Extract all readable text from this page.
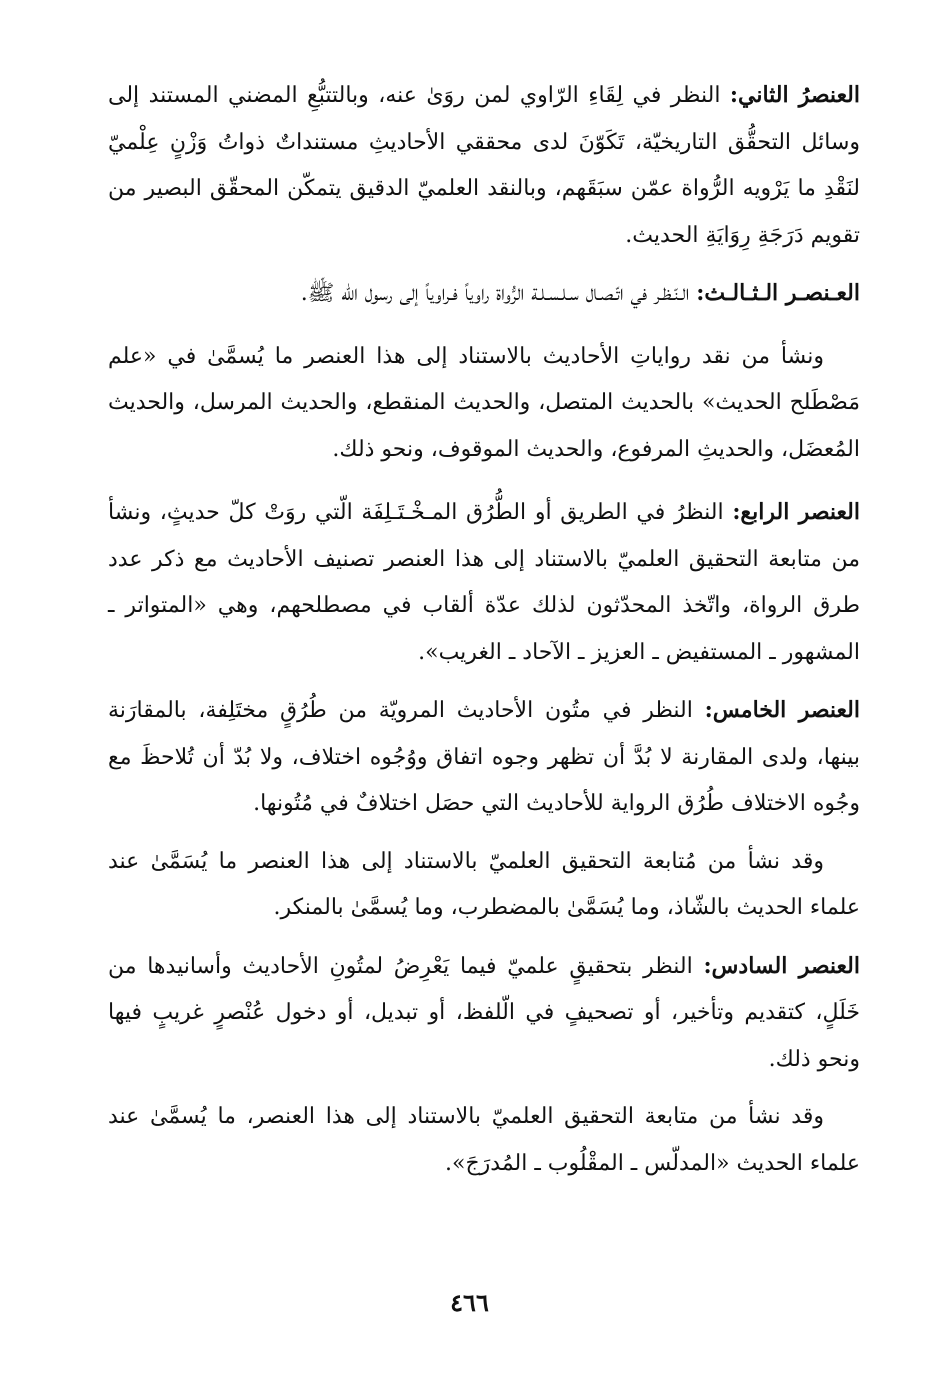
العنصرُ الثاني: النظر في لِقَاءِ الرّاوي لمن روَىٰ عنه، وبالتتبُّعِ المضني المستند إلى وسائل التحقُّق التاريخيّة، تَكَوّنَ لدى محققي الأحاديثِ مستنداتٌ ذواتُ وَزْنٍ عِلْميّ لنَقْدِ ما يَرْويه الرُّواة عمّن سبَقَهم، وبالنقد العلميّ الدقيق يتمكّن المحقّق البصير من تقويم دَرَجَةِ رِوَايَةِ الحديث.

العـنصـر الـثـالـث: الـنّـظـر في اتّـصـال سـلـسـلـة الرُّواة راوياً فـراوياً إلى رسول الله ﷺ.

ونشأ من نقد رواياتِ الأحاديث بالاستناد إلى هذا العنصر ما يُسمَّىٰ في «علم مَصْطَلح الحديث» بالحديث المتصل، والحديث المنقطع، والحديث المرسل، والحديث المُعضَل، والحديثِ المرفوع، والحديث الموقوف، ونحو ذلك.

العنصر الرابع: النظرُ في الطريق أو الطُّرُق المـخْـتَـلِفَة الّتي روَتْ كلّ حديثٍ، ونشأ من متابعة التحقيق العلميّ بالاستناد إلى هذا العنصر تصنيف الأحاديث مع ذكر عدد طرق الرواة، واتّخذ المحدّثون لذلك عدّة ألقاب في مصطلحهم، وهي «المتواتر ـ المشهور ـ المستفيض ـ العزيز ـ الآحاد ـ الغريب».

العنصر الخامس: النظر في متُون الأحاديث المرويّة من طُرُقٍ مختَلِفة، بالمقارَنة بينها، ولدى المقارنة لا بُدَّ أن تظهر وجوه اتفاق ووُجُوه اختلاف، ولا بُدّ أن تُلاحظَ مع وجُوه الاختلاف طُرُق الرواية للأحاديث التي حصَل اختلافٌ في مُتُونها.

وقد نشأ من مُتابعة التحقيق العلميّ بالاستناد إلى هذا العنصر ما يُسَمَّىٰ عند علماء الحديث بالشّاذ، وما يُسَمَّىٰ بالمضطرب، وما يُسمَّىٰ بالمنكر.

العنصر السادس: النظر بتحقيقٍ علميّ فيما يَعْرِضُ لمتُونِ الأحاديث وأسانيدها من خَلَلٍ، كتقديم وتأخير، أو تصحيفٍ في الّلفظ، أو تبديل، أو دخول عُنْصرٍ غريبٍ فيها ونحو ذلك.

وقد نشأ من متابعة التحقيق العلميّ بالاستناد إلى هذا العنصر، ما يُسمَّىٰ عند علماء الحديث «المدلّس ـ المقْلُوب ـ المُدرَجَ».

٤٦٦
